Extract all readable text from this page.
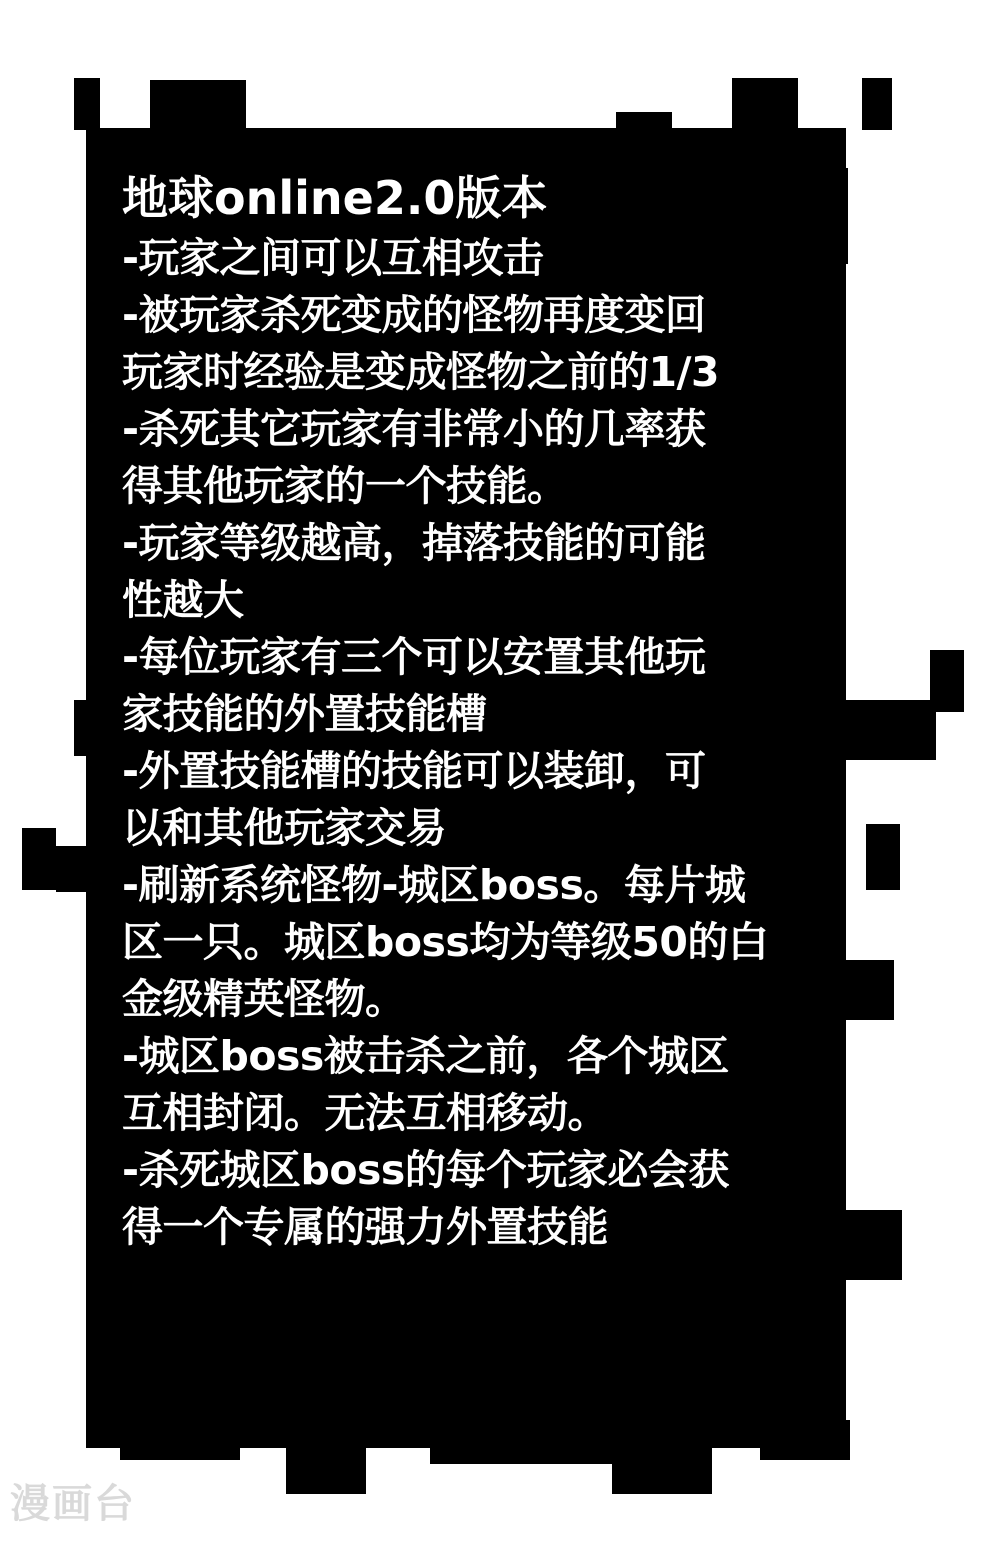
地球online2.0版本
-玩家之间可以互相攻击
-被玩家杀死变成的怪物再度变回
玩家时经验是变成怪物之前的1/3
-杀死其它玩家有非常小的几率获
得其他玩家的一个技能。
-玩家等级越高，掉落技能的可能
性越大
-每位玩家有三个可以安置其他玩
家技能的外置技能槽
-外置技能槽的技能可以装卸，可
以和其他玩家交易
-刷新系统怪物-城区boss。每片城
区一只。城区boss均为等级50的白
金级精英怪物。
-城区boss被击杀之前，各个城区
互相封闭。无法互相移动。
-杀死城区boss的每个玩家必会获
得一个专属的强力外置技能
漫画台
